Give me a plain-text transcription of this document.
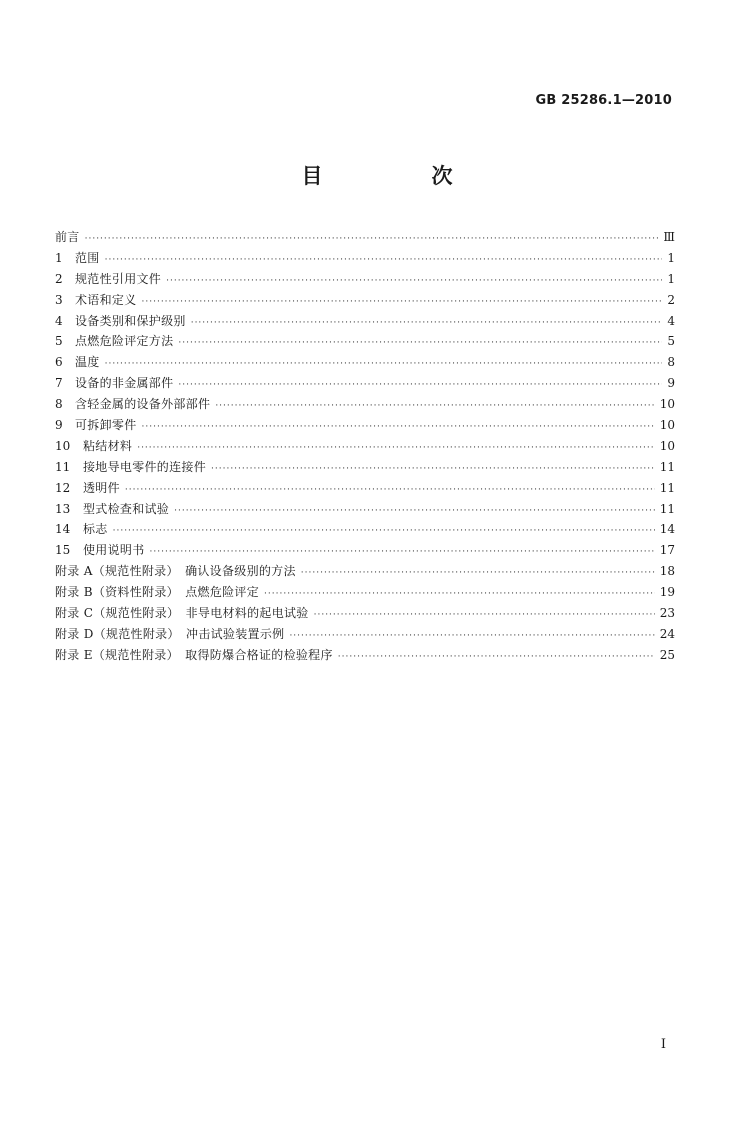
GB 25286.1—2010
目　次
前言 ·····	Ⅲ
1	范围 ·····	1
2	规范性引用文件 ·····	1
3	术语和定义 ·····	2
4	设备类别和保护级别 ·····	4
5	点燃危险评定方法 ·····	5
6	温度 ·····	8
7	设备的非金属部件 ·····	9
8	含轻金属的设备外部部件 ·····	10
9	可拆卸零件 ·····	10
10	粘结材料 ·····	10
11	接地导电零件的连接件 ·····	11
12	透明件 ·····	11
13	型式检查和试验 ·····	11
14	标志 ·····	14
15	使用说明书 ·····	17
附录 A（规范性附录）　确认设备级别的方法 ·····	18
附录 B（资料性附录）　点燃危险评定 ·····	19
附录 C（规范性附录）　非导电材料的起电试验 ·····	23
附录 D（规范性附录）　冲击试验装置示例 ·····	24
附录 E（规范性附录）　取得防爆合格证的检验程序 ·····	25
I
